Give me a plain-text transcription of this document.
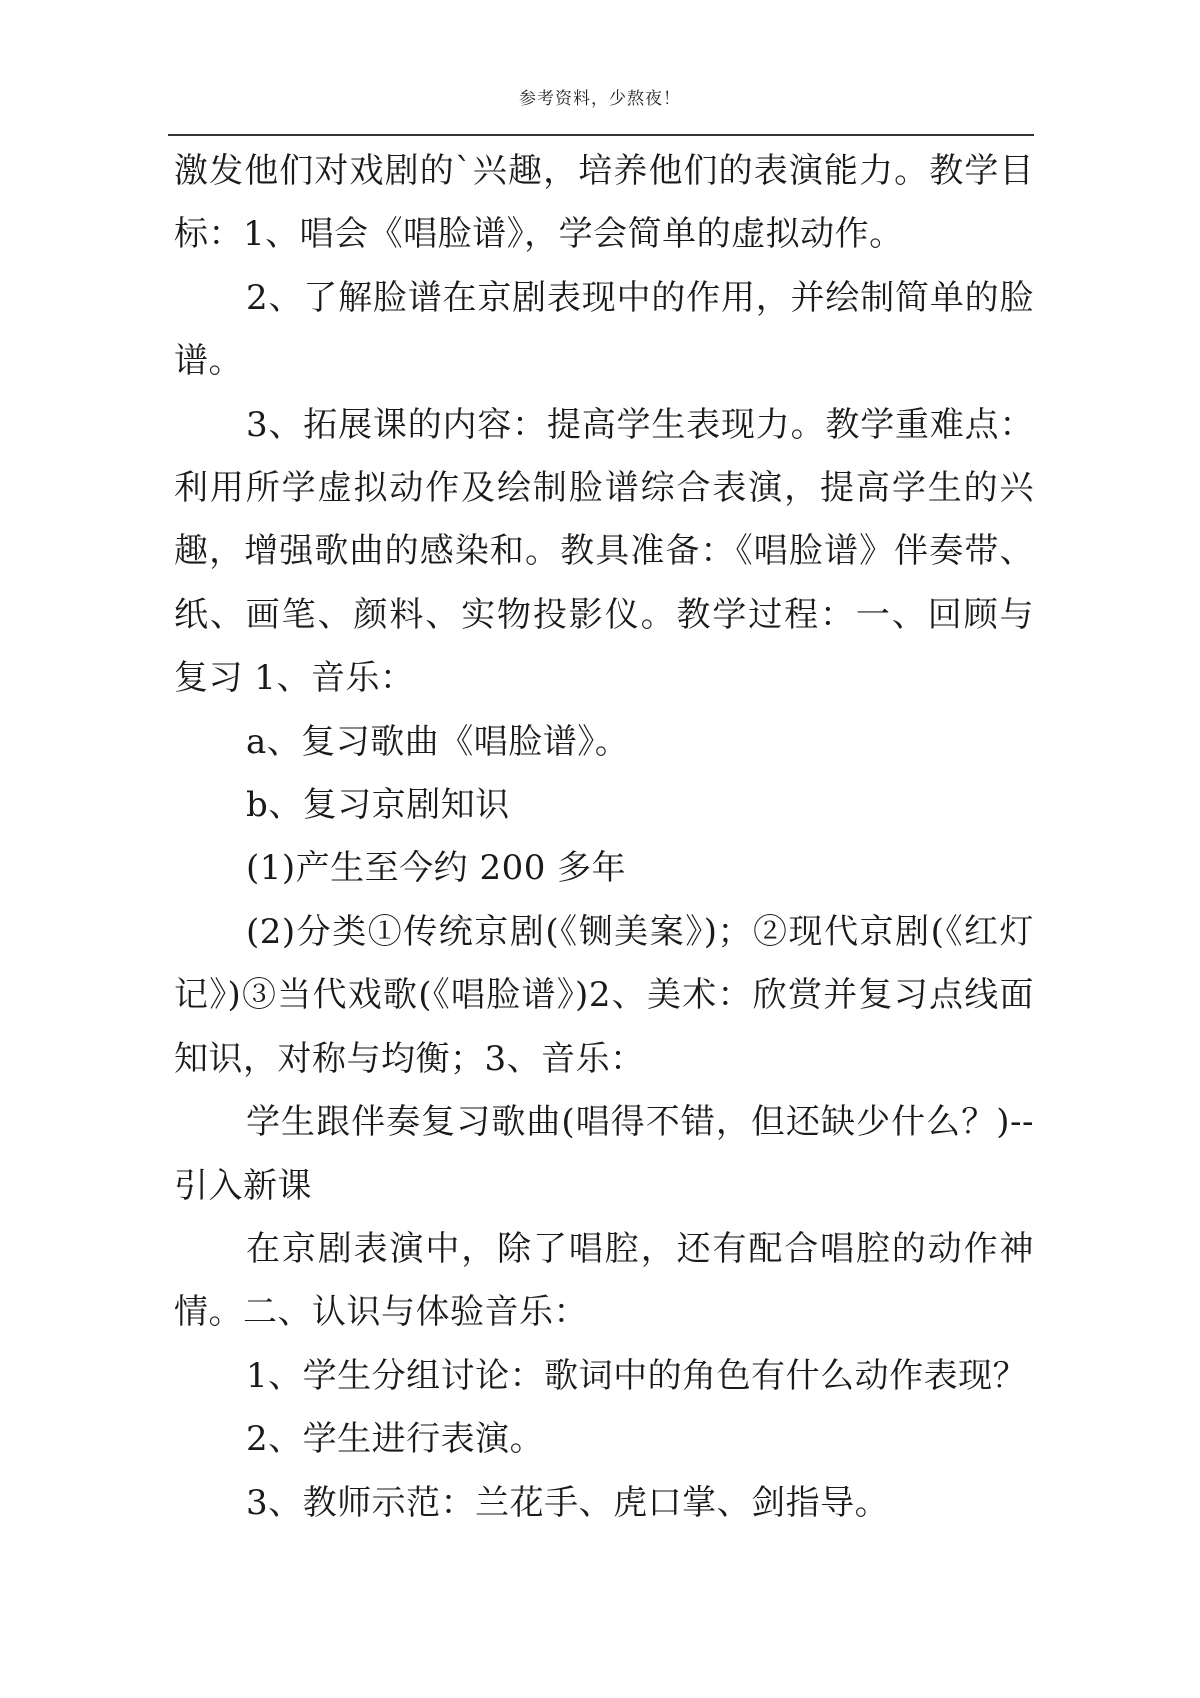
参考资料，少熬夜！

激发他们对戏剧的`兴趣，培养他们的表演能力。教学目标：1、唱会《唱脸谱》，学会简单的虚拟动作。

2、了解脸谱在京剧表现中的作用，并绘制简单的脸谱。

3、拓展课的内容：提高学生表现力。教学重难点：利用所学虚拟动作及绘制脸谱综合表演，提高学生的兴趣，增强歌曲的感染和。教具准备：《唱脸谱》伴奏带、纸、画笔、颜料、实物投影仪。教学过程：一、回顾与复习 1、音乐：

a、复习歌曲《唱脸谱》。

b、复习京剧知识

(1)产生至今约 200 多年

(2)分类①传统京剧(《铡美案》)；②现代京剧(《红灯记》)③当代戏歌(《唱脸谱》)2、美术：欣赏并复习点线面知识，对称与均衡；3、音乐：

学生跟伴奏复习歌曲(唱得不错，但还缺少什么？)--引入新课

在京剧表演中，除了唱腔，还有配合唱腔的动作神情。二、认识与体验音乐：

1、学生分组讨论：歌词中的角色有什么动作表现？

2、学生进行表演。

3、教师示范：兰花手、虎口掌、剑指导。
